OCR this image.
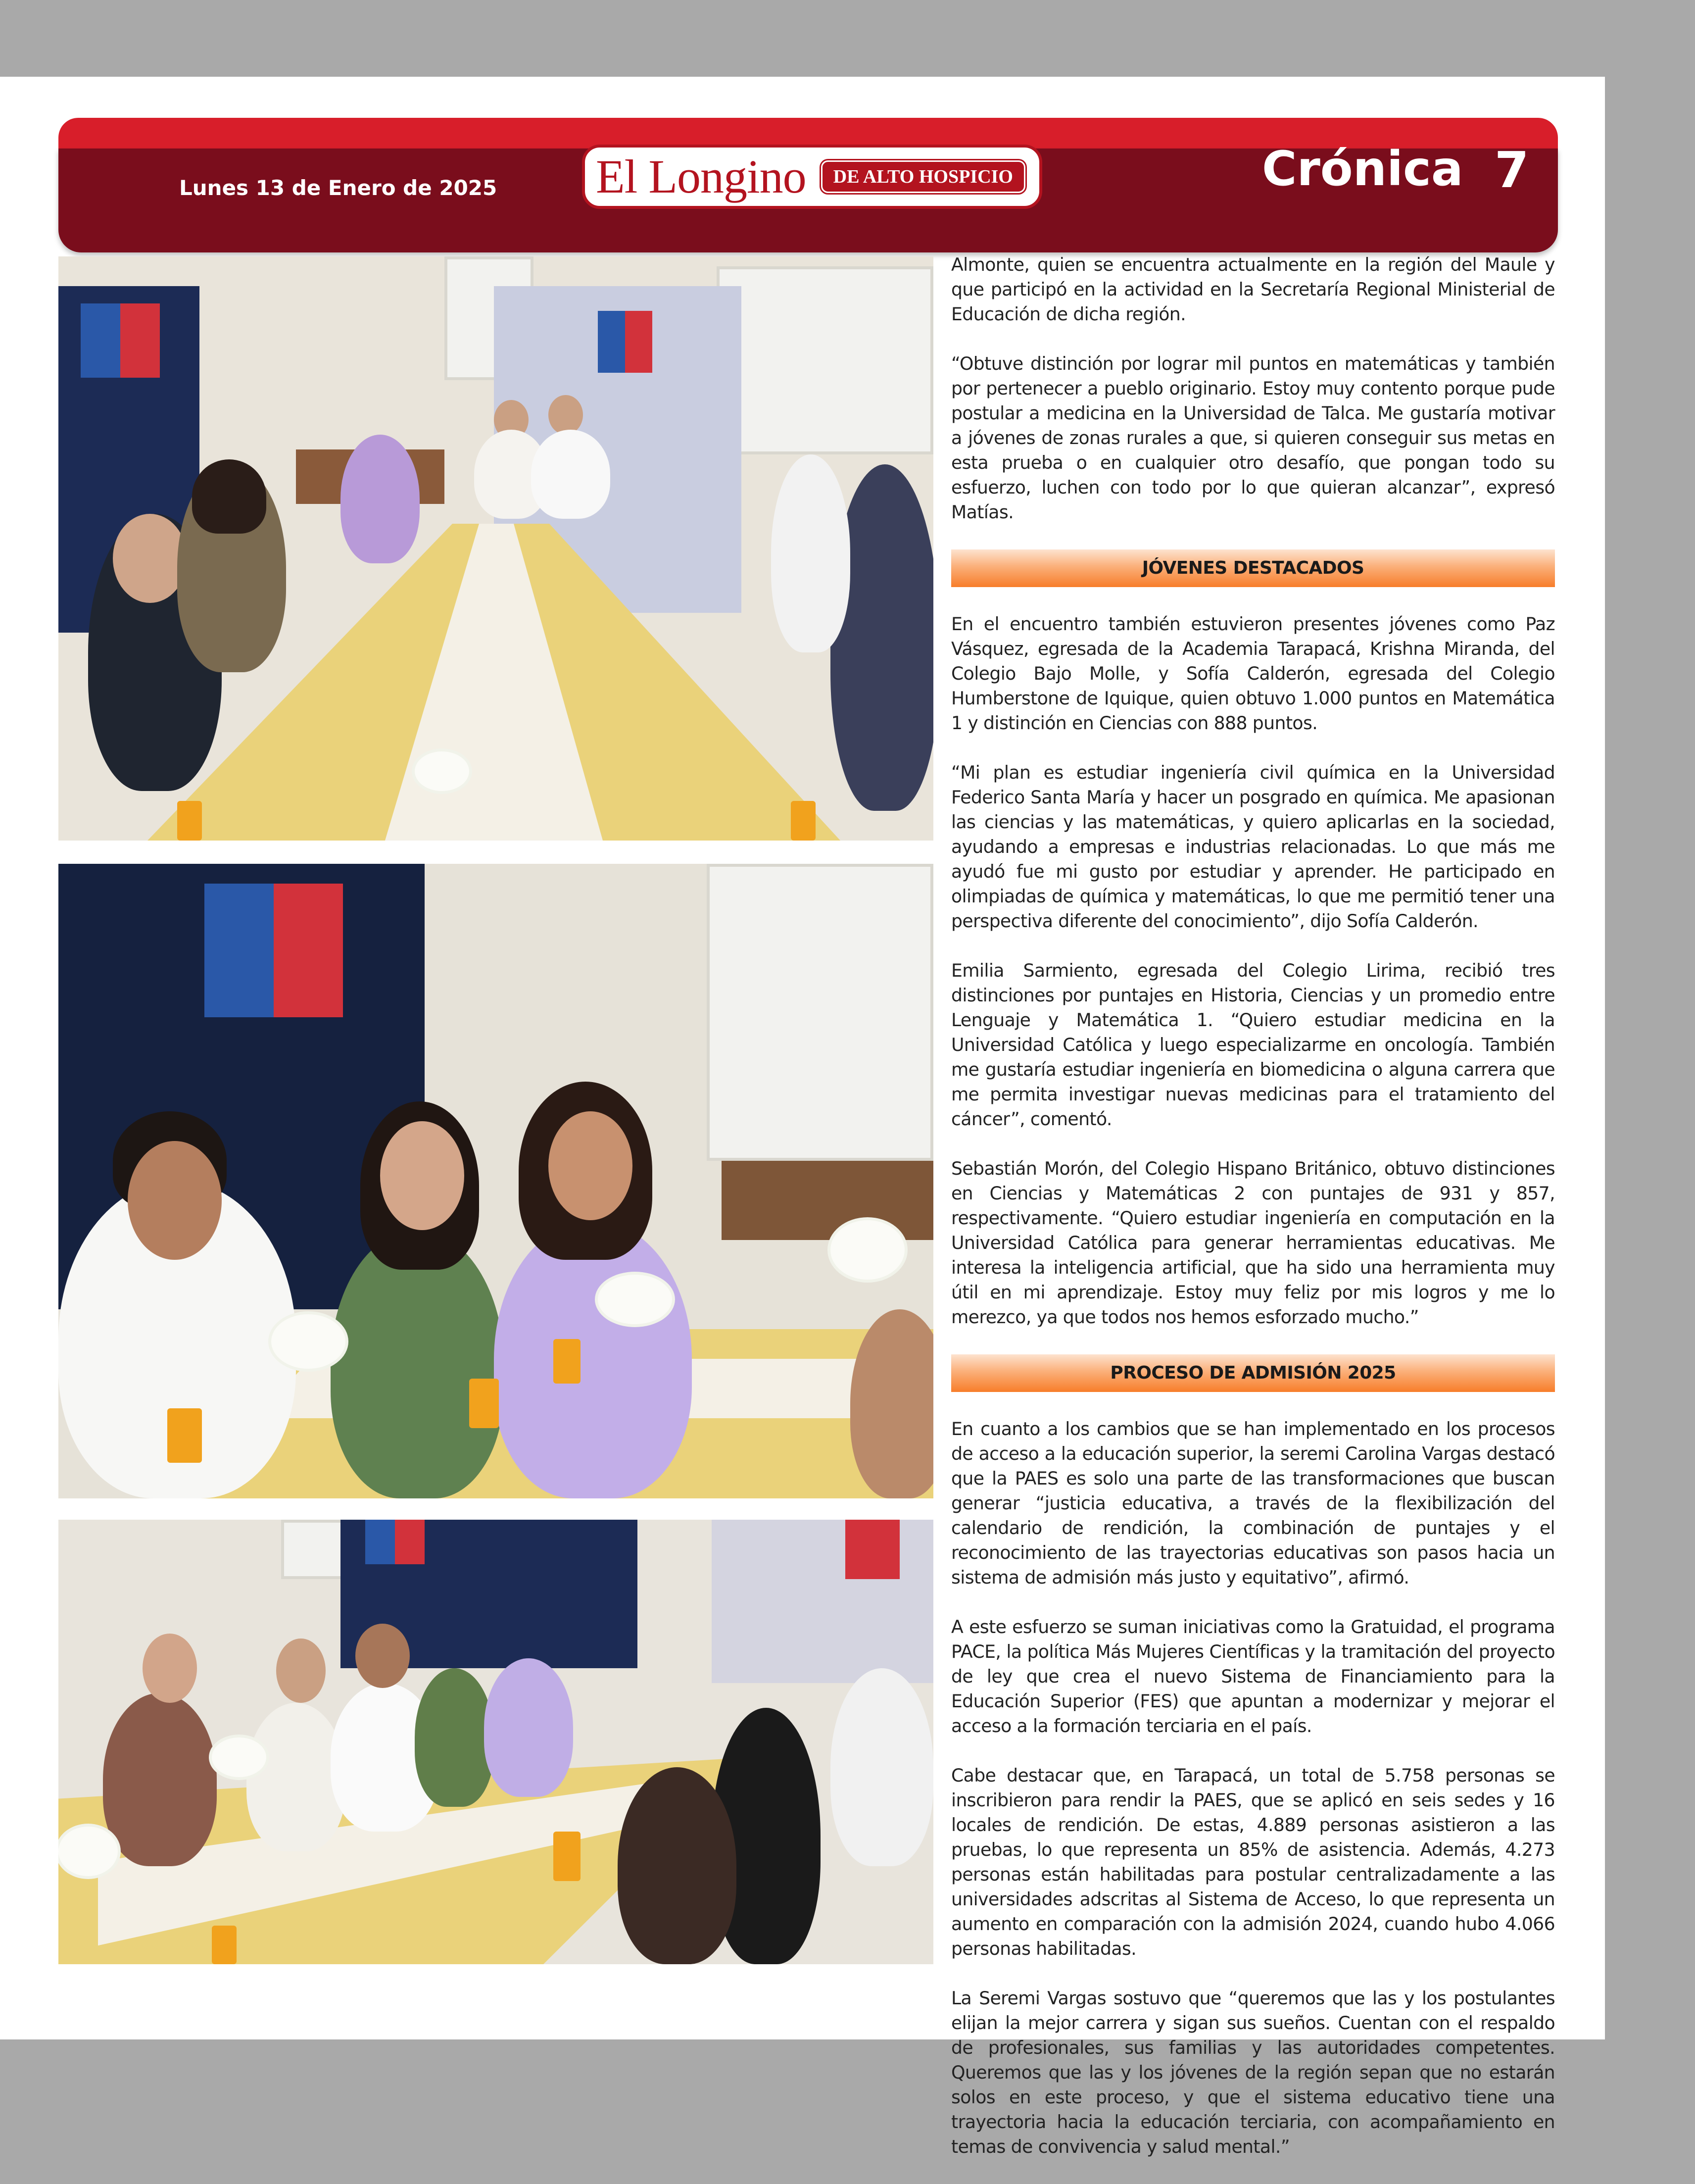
Lunes 13 de Enero de 2025 El Longino	DE ALTO HOSPICIO	Crónica 7

Almonte, quien se encuentra actualmente en la región del Maule y que participó en la actividad en la Secretaría Regional Ministerial de Educación de dicha región.

“Obtuve distinción por lograr mil puntos en matemáticas y también por pertenecer a pueblo originario. Estoy muy contento porque pude postular a medicina en la Universidad de Talca. Me gustaría motivar a jóvenes de zonas rurales a que, si quieren conseguir sus metas en esta prueba o en cualquier otro desafío, que pongan todo su esfuerzo, luchen con todo por lo que quieran alcanzar”, expresó Matías.

JÓVENES DESTACADOS

En el encuentro también estuvieron presentes jóvenes como Paz Vásquez, egresada de la Academia Tarapacá, Krishna Miranda, del Colegio Bajo Molle, y Sofía Calderón, egresada del Colegio Humberstone de Iquique, quien obtuvo 1.000 puntos en Matemática 1 y distinción en Ciencias con 888 puntos.

“Mi plan es estudiar ingeniería civil química en la Universidad Federico Santa María y hacer un posgrado en química. Me apasionan las ciencias y las matemáticas, y quiero aplicarlas en la sociedad, ayudando a empresas e industrias relacionadas. Lo que más me ayudó fue mi gusto por estudiar y aprender. He participado en olimpiadas de química y matemáticas, lo que me permitió tener una perspectiva diferente del conocimiento”, dijo Sofía Calderón.

Emilia Sarmiento, egresada del Colegio Lirima, recibió tres distinciones por puntajes en Historia, Ciencias y un promedio entre Lenguaje y Matemática 1. “Quiero estudiar medicina en la Universidad Católica y luego especializarme en oncología. También me gustaría estudiar ingeniería en biomedicina o alguna carrera que me permita investigar nuevas medicinas para el tratamiento del cáncer”, comentó.

Sebastián Morón, del Colegio Hispano Británico, obtuvo distinciones en Ciencias y Matemáticas 2 con puntajes de 931 y 857, respectivamente. “Quiero estudiar ingeniería en computación en la Universidad Católica para generar herramientas educativas. Me interesa la inteligencia artificial, que ha sido una herramienta muy útil en mi aprendizaje. Estoy muy feliz por mis logros y me lo merezco, ya que todos nos hemos esforzado mucho.”

PROCESO DE ADMISIÓN 2025

En cuanto a los cambios que se han implementado en los procesos de acceso a la educación superior, la seremi Carolina Vargas destacó que la PAES es solo una parte de las transformaciones que buscan generar “justicia educativa, a través de la flexibilización del calendario de rendición, la combinación de puntajes y el reconocimiento de las trayectorias educativas son pasos hacia un sistema de admisión más justo y equitativo”, afirmó.

A este esfuerzo se suman iniciativas como la Gratuidad, el programa PACE, la política Más Mujeres Científicas y la tramitación del proyecto de ley que crea el nuevo Sistema de Financiamiento para la Educación Superior (FES) que apuntan a modernizar y mejorar el acceso a la formación terciaria en el país.

Cabe destacar que, en Tarapacá, un total de 5.758 personas se inscribieron para rendir la PAES, que se aplicó en seis sedes y 16 locales de rendición. De estas, 4.889 personas asistieron a las pruebas, lo que representa un 85% de asistencia. Además, 4.273 personas están habilitadas para postular centralizadamente a las universidades adscritas al Sistema de Acceso, lo que representa un aumento en comparación con la admisión 2024, cuando hubo 4.066 personas habilitadas.

La Seremi Vargas sostuvo que “queremos que las y los postulantes elijan la mejor carrera y sigan sus sueños. Cuentan con el respaldo de profesionales, sus familias y las autoridades competentes. Queremos que las y los jóvenes de la región sepan que no estarán solos en este proceso, y que el sistema educativo tiene una trayectoria hacia la educación terciaria, con acompañamiento en temas de convivencia y salud mental.”
